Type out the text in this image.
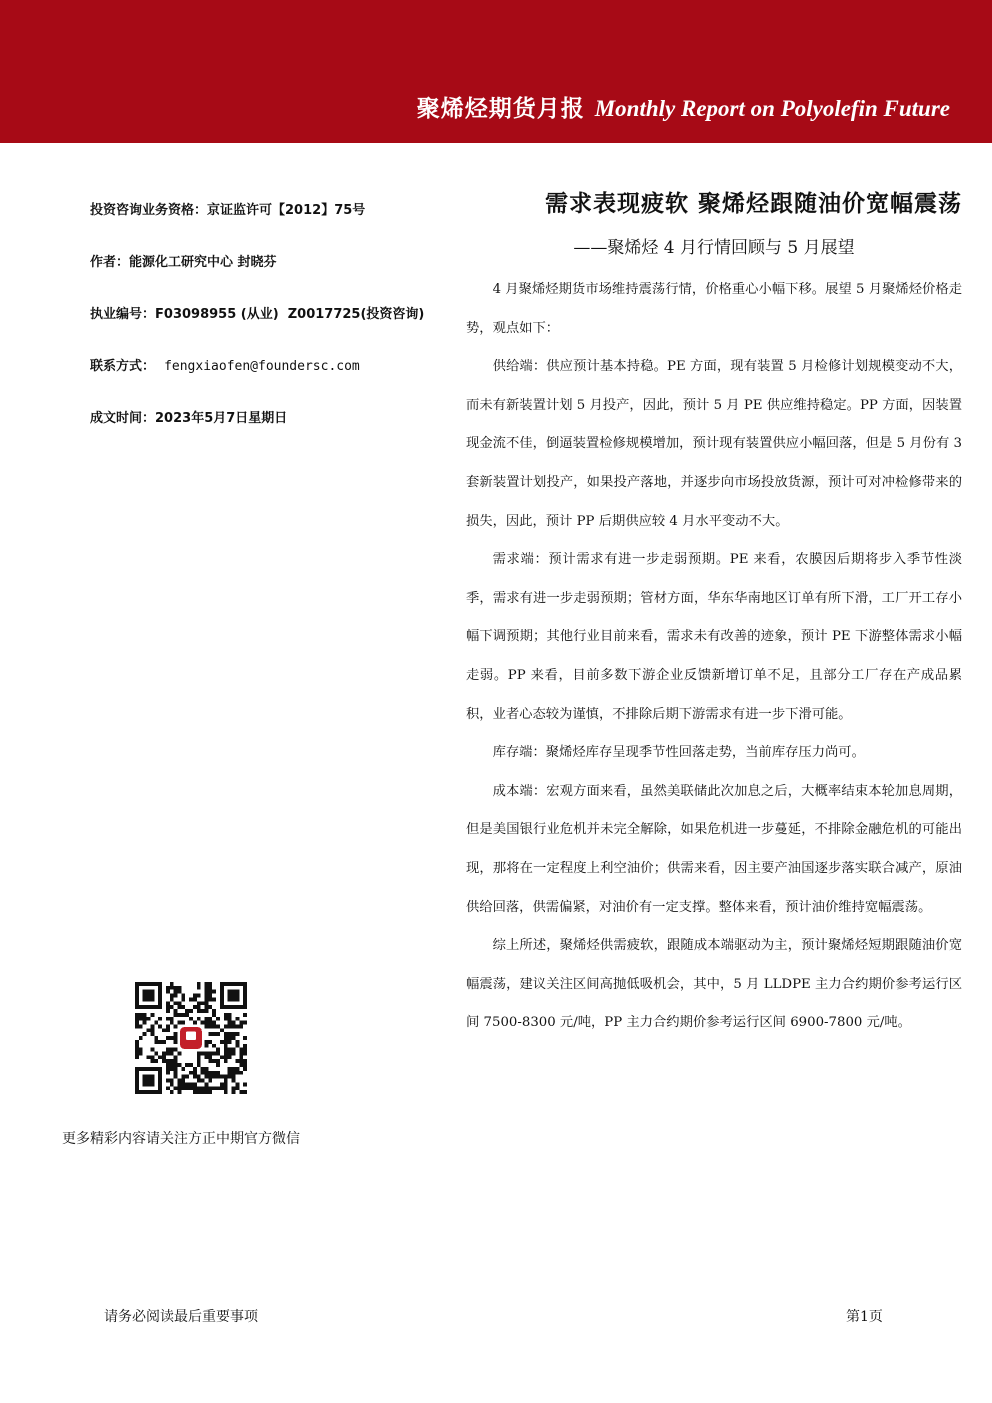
聚烯烃期货月报 Monthly Report on Polyolefin Future
投资咨询业务资格：京证监许可【2012】75号
作者：能源化工研究中心 封晓芬
执业编号：F03098955 (从业)  Z0017725(投资咨询)
联系方式： fengxiaofen@foundersc.com
成文时间：2023年5月7日星期日
更多精彩内容请关注方正中期官方微信
需求表现疲软 聚烯烃跟随油价宽幅震荡
——聚烯烃 4 月行情回顾与 5 月展望

4 月聚烯烃期货市场维持震荡行情，价格重心小幅下移。展望 5 月聚烯烃价格走势，观点如下：

供给端：供应预计基本持稳。PE 方面，现有装置 5 月检修计划规模变动不大，而未有新装置计划 5 月投产，因此，预计 5 月 PE 供应维持稳定。PP 方面，因装置现金流不佳，倒逼装置检修规模增加，预计现有装置供应小幅回落，但是 5 月份有 3 套新装置计划投产，如果投产落地，并逐步向市场投放货源，预计可对冲检修带来的损失，因此，预计 PP 后期供应较 4 月水平变动不大。

需求端：预计需求有进一步走弱预期。PE 来看，农膜因后期将步入季节性淡季，需求有进一步走弱预期；管材方面，华东华南地区订单有所下滑，工厂开工存小幅下调预期；其他行业目前来看，需求未有改善的迹象，预计 PE 下游整体需求小幅走弱。PP 来看，目前多数下游企业反馈新增订单不足，且部分工厂存在产成品累积，业者心态较为谨慎，不排除后期下游需求有进一步下滑可能。

库存端：聚烯烃库存呈现季节性回落走势，当前库存压力尚可。

成本端：宏观方面来看，虽然美联储此次加息之后，大概率结束本轮加息周期，但是美国银行业危机并未完全解除，如果危机进一步蔓延，不排除金融危机的可能出现，那将在一定程度上利空油价；供需来看，因主要产油国逐步落实联合减产，原油供给回落，供需偏紧，对油价有一定支撑。整体来看，预计油价维持宽幅震荡。

综上所述，聚烯烃供需疲软，跟随成本端驱动为主，预计聚烯烃短期跟随油价宽幅震荡，建议关注区间高抛低吸机会，其中，5 月 LLDPE 主力合约期价参考运行区间 7500-8300 元/吨，PP 主力合约期价参考运行区间 6900-7800 元/吨。

请务必阅读最后重要事项	第1页
